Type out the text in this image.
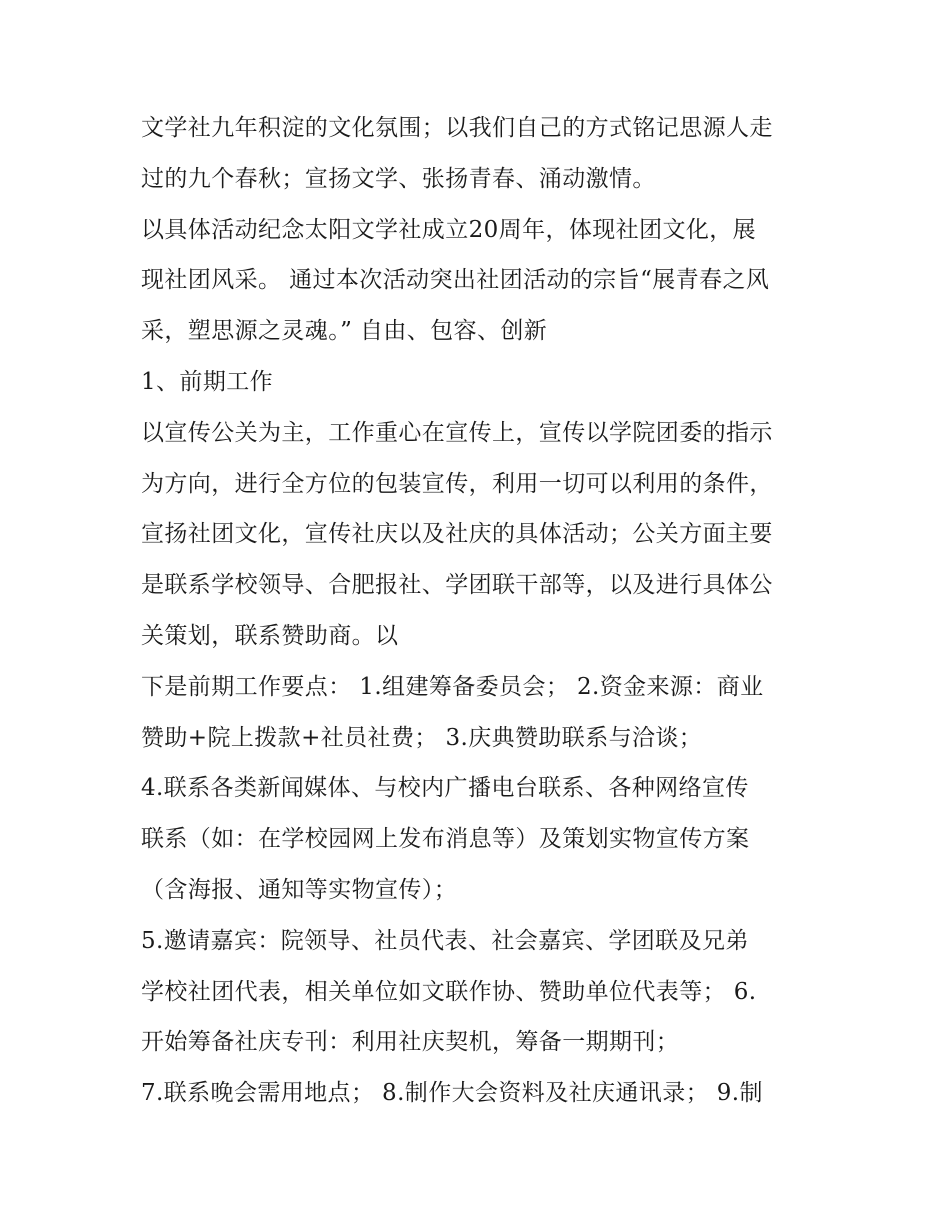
文学社九年积淀的文化氛围；以我们自己的方式铭记思源人走
过的九个春秋；宣扬文学、张扬青春、涌动激情。
以具体活动纪念太阳文学社成立20周年，体现社团文化，展
现社团风采。 通过本次活动突出社团活动的宗旨“展青春之风
采，塑思源之灵魂。” 自由、包容、创新
1、前期工作
以宣传公关为主，工作重心在宣传上，宣传以学院团委的指示
为方向，进行全方位的包装宣传，利用一切可以利用的条件，
宣扬社团文化，宣传社庆以及社庆的具体活动；公关方面主要
是联系学校领导、合肥报社、学团联干部等，以及进行具体公
关策划，联系赞助商。以
下是前期工作要点： 1.组建筹备委员会； 2.资金来源：商业
赞助+院上拨款+社员社费； 3.庆典赞助联系与洽谈；
4.联系各类新闻媒体、与校内广播电台联系、各种网络宣传
联系（如：在学校园网上发布消息等）及策划实物宣传方案
（含海报、通知等实物宣传）；
5.邀请嘉宾：院领导、社员代表、社会嘉宾、学团联及兄弟
学校社团代表，相关单位如文联作协、赞助单位代表等； 6.
开始筹备社庆专刊：利用社庆契机，筹备一期期刊；
7.联系晚会需用地点； 8.制作大会资料及社庆通讯录； 9.制
